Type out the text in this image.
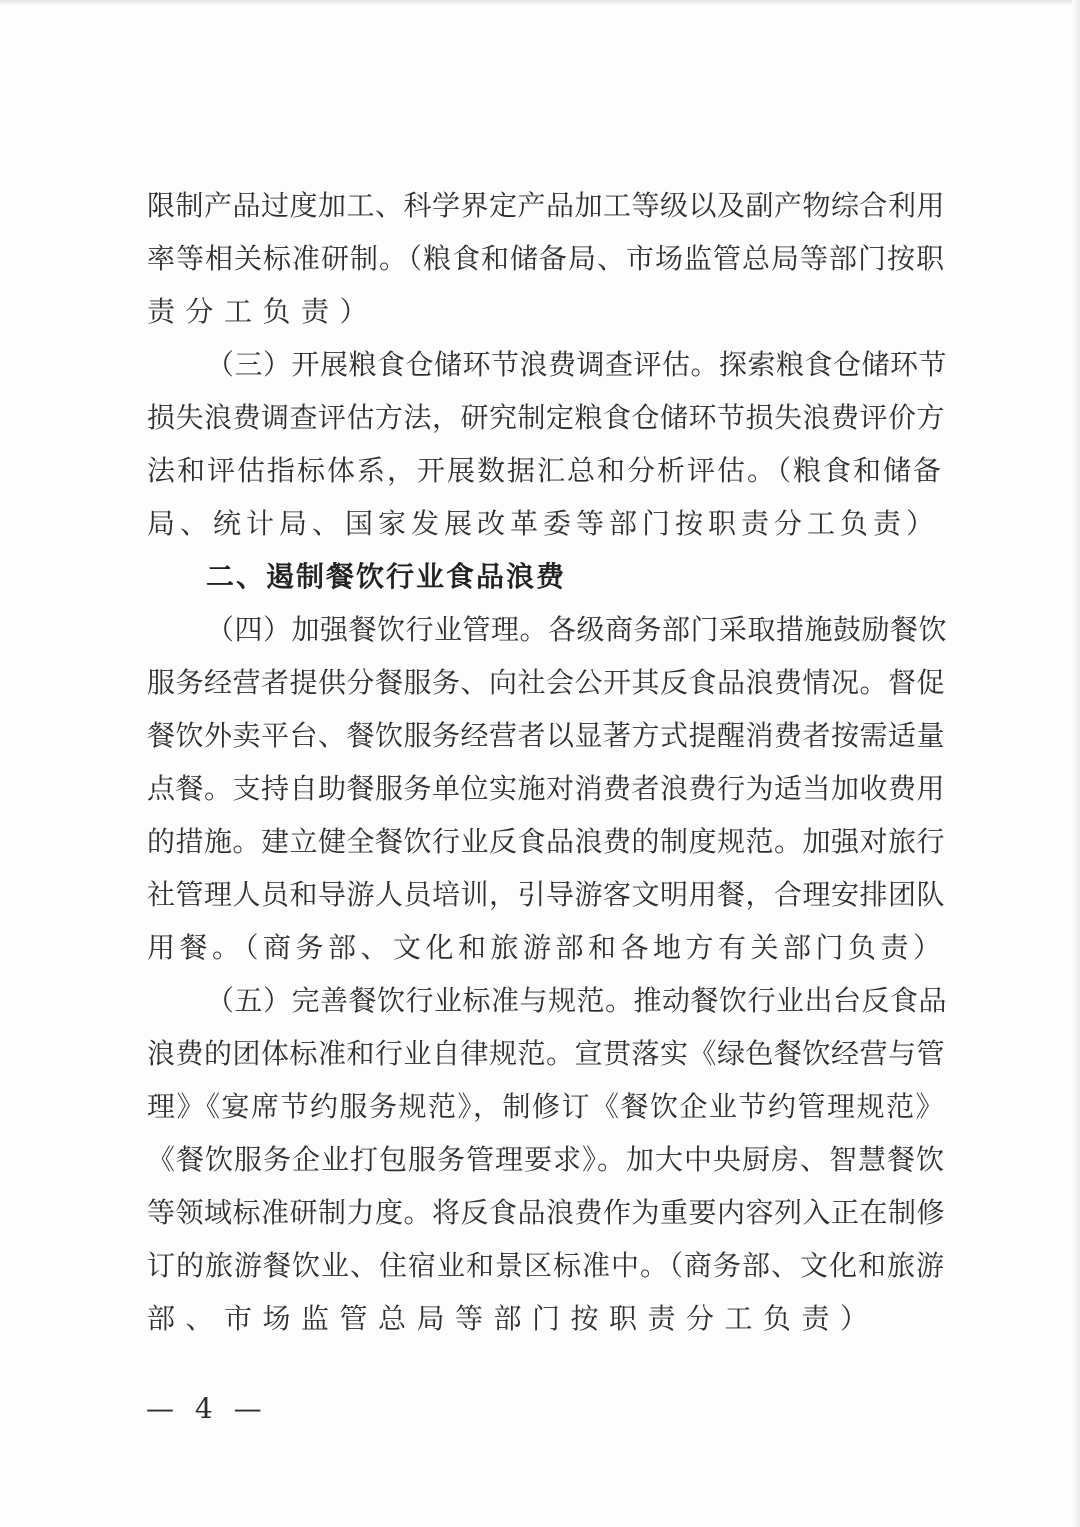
限制产品过度加工、科学界定产品加工等级以及副产物综合利用
率等相关标准研制。（粮食和储备局、市场监管总局等部门按职
责分工负责）
（三）开展粮食仓储环节浪费调查评估。探索粮食仓储环节
损失浪费调查评估方法，研究制定粮食仓储环节损失浪费评价方
法和评估指标体系，开展数据汇总和分析评估。（粮食和储备
局、统计局、国家发展改革委等部门按职责分工负责）
二、遏制餐饮行业食品浪费
（四）加强餐饮行业管理。各级商务部门采取措施鼓励餐饮
服务经营者提供分餐服务、向社会公开其反食品浪费情况。督促
餐饮外卖平台、餐饮服务经营者以显著方式提醒消费者按需适量
点餐。支持自助餐服务单位实施对消费者浪费行为适当加收费用
的措施。建立健全餐饮行业反食品浪费的制度规范。加强对旅行
社管理人员和导游人员培训，引导游客文明用餐，合理安排团队
用餐。（商务部、文化和旅游部和各地方有关部门负责）
（五）完善餐饮行业标准与规范。推动餐饮行业出台反食品
浪费的团体标准和行业自律规范。宣贯落实《绿色餐饮经营与管
理》《宴席节约服务规范》，制修订《餐饮企业节约管理规范》
《餐饮服务企业打包服务管理要求》。加大中央厨房、智慧餐饮
等领域标准研制力度。将反食品浪费作为重要内容列入正在制修
订的旅游餐饮业、住宿业和景区标准中。（商务部、文化和旅游
部、市场监管总局等部门按职责分工负责）
— 4 —
